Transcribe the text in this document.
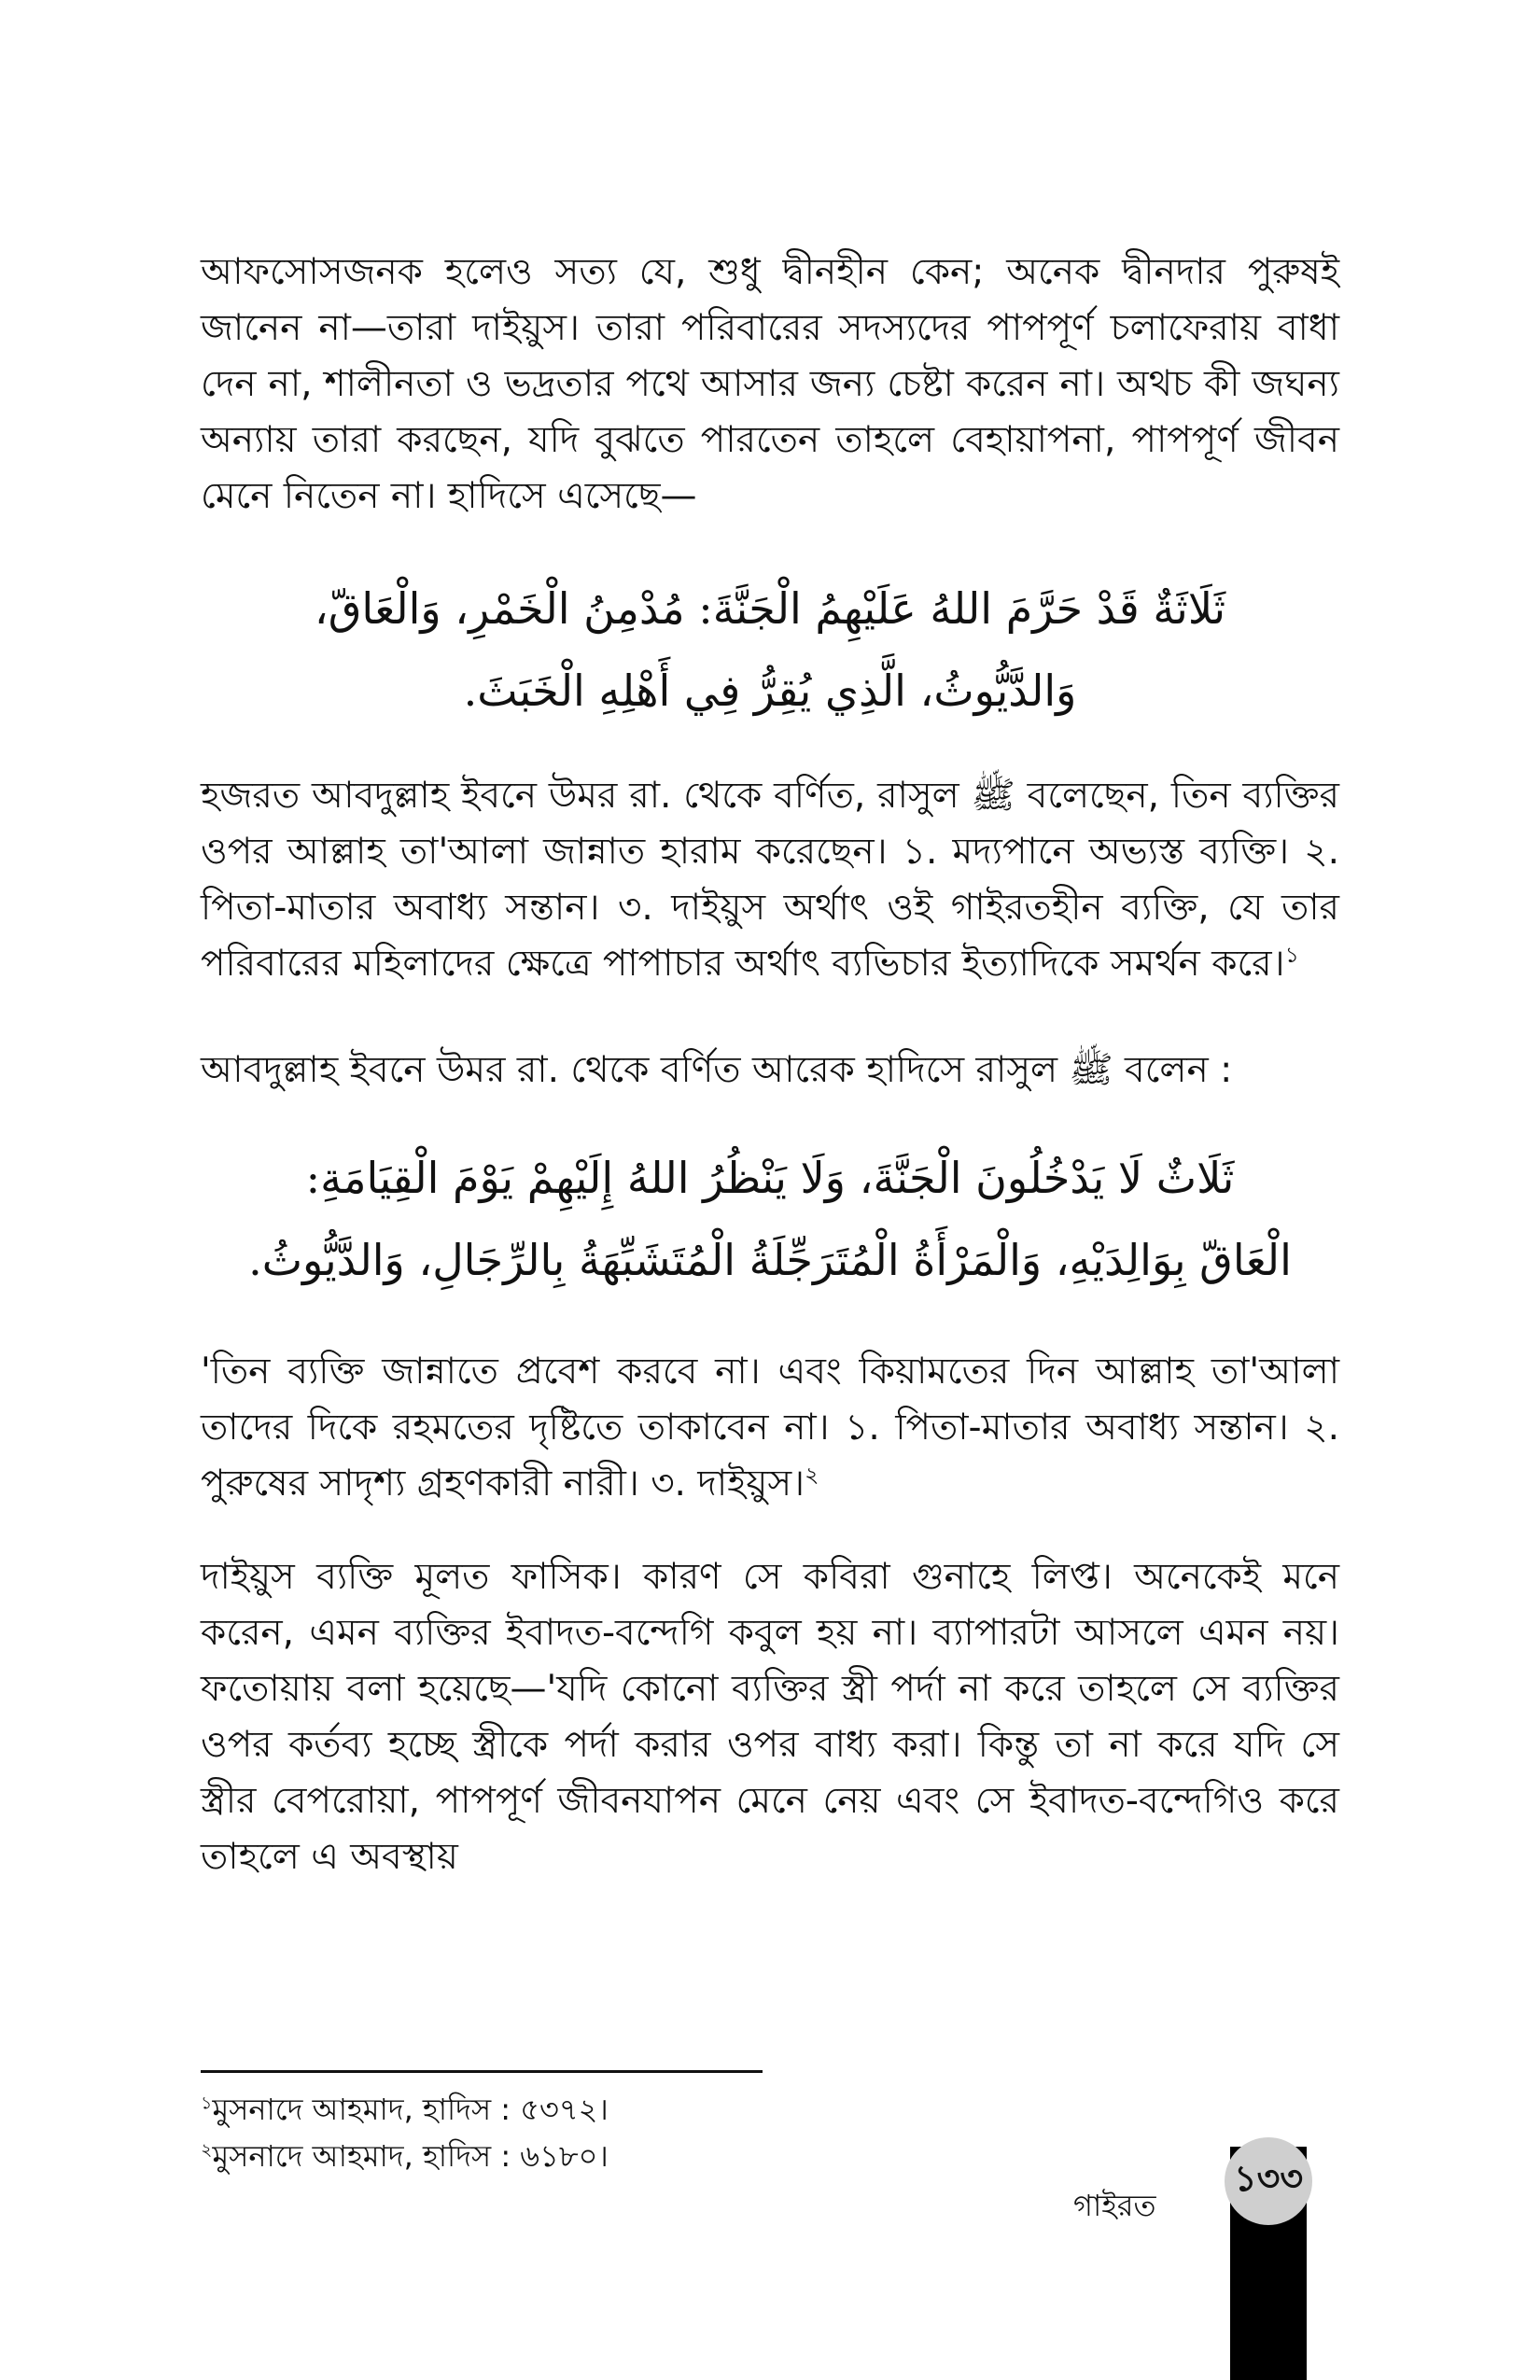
আফসোসজনক হলেও সত্য যে, শুধু দ্বীনহীন কেন; অনেক দ্বীনদার পুরুষই জানেন না—তারা দাইয়ুস। তারা পরিবারের সদস্যদের পাপপূর্ণ চলাফেরায় বাধা দেন না, শালীনতা ও ভদ্রতার পথে আসার জন্য চেষ্টা করেন না। অথচ কী জঘন্য অন্যায় তারা করছেন, যদি বুঝতে পারতেন তাহলে বেহায়াপনা, পাপপূর্ণ জীবন মেনে নিতেন না। হাদিসে এসেছে—

ثَلَاثَةٌ قَدْ حَرَّمَ اللهُ عَلَيْهِمُ الْجَنَّةَ: مُدْمِنُ الْخَمْرِ، وَالْعَاقّ،
وَالدَّيُّوثُ، الَّذِي يُقِرُّ فِي أَهْلِهِ الْخَبَثَ.

হজরত আবদুল্লাহ ইবনে উমর রা. থেকে বর্ণিত, রাসুল ﷺ বলেছেন, তিন ব্যক্তির ওপর আল্লাহ তা'আলা জান্নাত হারাম করেছেন। ১. মদ্যপানে অভ্যস্ত ব্যক্তি। ২. পিতা-মাতার অবাধ্য সন্তান। ৩. দাইয়ুস অর্থাৎ ওই গাইরতহীন ব্যক্তি, যে তার পরিবারের মহিলাদের ক্ষেত্রে পাপাচার অর্থাৎ ব্যভিচার ইত্যাদিকে সমর্থন করে।$^১$

আবদুল্লাহ ইবনে উমর রা. থেকে বর্ণিত আরেক হাদিসে রাসুল ﷺ বলেন :

ثَلَاثٌ لَا يَدْخُلُونَ الْجَنَّةَ، وَلَا يَنْظُرُ اللهُ إِلَيْهِمْ يَوْمَ الْقِيَامَةِ:
الْعَاقّ بِوَالِدَيْهِ، وَالْمَرْأَةُ الْمُتَرَجِّلَةُ الْمُتَشَبِّهَةُ بِالرِّجَالِ، وَالدَّيُّوثُ.

'তিন ব্যক্তি জান্নাতে প্রবেশ করবে না। এবং কিয়ামতের দিন আল্লাহ তা'আলা তাদের দিকে রহমতের দৃষ্টিতে তাকাবেন না। ১. পিতা-মাতার অবাধ্য সন্তান। ২. পুরুষের সাদৃশ্য গ্রহণকারী নারী। ৩. দাইয়ুস।$^২$

দাইয়ুস ব্যক্তি মূলত ফাসিক। কারণ সে কবিরা গুনাহে লিপ্ত। অনেকেই মনে করেন, এমন ব্যক্তির ইবাদত-বন্দেগি কবুল হয় না। ব্যাপারটা আসলে এমন নয়। ফতোয়ায় বলা হয়েছে—'যদি কোনো ব্যক্তির স্ত্রী পর্দা না করে তাহলে সে ব্যক্তির ওপর কর্তব্য হচ্ছে স্ত্রীকে পর্দা করার ওপর বাধ্য করা। কিন্তু তা না করে যদি সে স্ত্রীর বেপরোয়া, পাপপূর্ণ জীবনযাপন মেনে নেয় এবং সে ইবাদত-বন্দেগিও করে তাহলে এ অবস্থায়

$^১$মুসনাদে আহমাদ, হাদিস : ৫৩৭২।

$^২$মুসনাদে আহমাদ, হাদিস : ৬১৮০।

গাইরত
১৩৩
